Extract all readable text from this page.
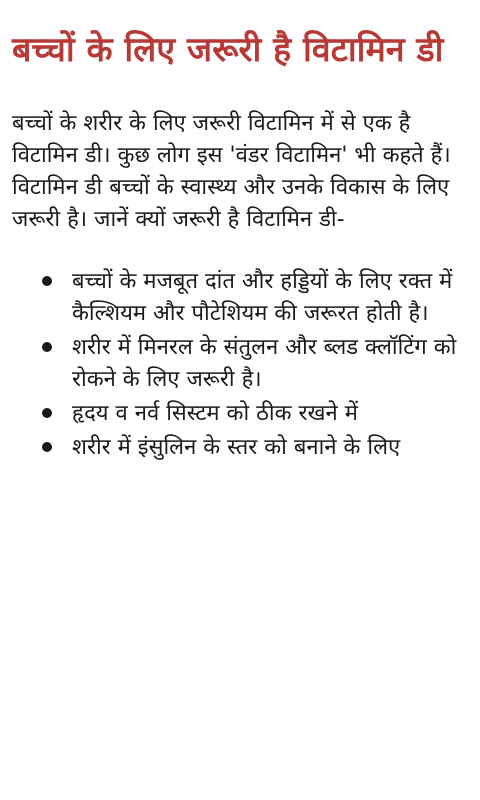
बच्चों के लिए जरूरी है विटामिन डी

बच्चों के शरीर के लिए जरूरी विटामिन में से एक है विटामिन डी। कुछ लोग इस 'वंडर विटामिन' भी कहते हैं। विटामिन डी बच्चों के स्वास्थ्य और उनके विकास के लिए जरूरी है। जानें क्यों जरूरी है विटामिन डी-

बच्चों के मजबूत दांत और हड्डियों के लिए रक्त में कैल्शियम और पौटेशियम की जरूरत होती है।
शरीर में मिनरल के संतुलन और ब्लड क्लॉटिंग को रोकने के लिए जरूरी है।
हृदय व नर्व सिस्टम को ठीक रखने में
शरीर में इंसुलिन के स्तर को बनाने के लिए
